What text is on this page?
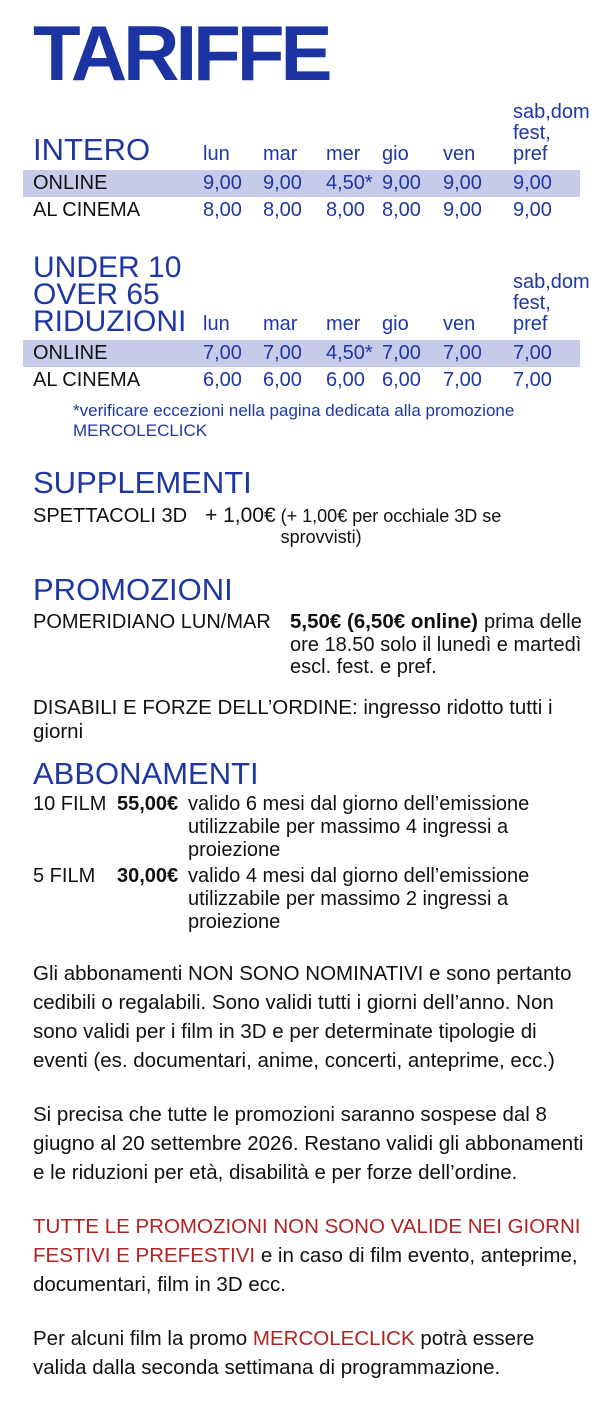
TARIFFE
INTERO	lun	mar	mer	gio	ven
sab,dom
fest, pref
ONLINE	9,00	9,00	4,50* 9,00	9,00	9,00
AL CINEMA	8,00	8,00	8,00 8,00	9,00	9,00
UNDER 10
OVER 65
RIDUZIONI lun	mar	mer	gio	ven
sab,dom
fest, pref
ONLINE	7,00	7,00	4,50* 7,00	7,00	7,00
AL CINEMA	6,00	6,00	6,00 6,00	7,00	7,00
*verificare eccezioni nella pagina dedicata alla promozione MERCOLECLICK
SUPPLEMENTI
SPETTACOLI 3D + 1,00€ (+ 1,00€ per occhiale 3D se sprovvisti)
PROMOZIONI
POMERIDIANO LUN/MAR 5,50€ (6,50€ online) prima delle ore 18.50 solo il lunedì e martedì escl. fest. e pref.
DISABILI E FORZE DELL’ORDINE: ingresso ridotto tutti i giorni
ABBONAMENTI
10 FILM 55,00€ valido 6 mesi dal giorno dell’emissione
utilizzabile per massimo 4 ingressi a proiezione
5 FILM	30,00€ valido 4 mesi dal giorno dell’emissione
utilizzabile per massimo 2 ingressi a proiezione

Gli abbonamenti NON SONO NOMINATIVI e sono pertanto cedibili o regalabili. Sono validi tutti i giorni dell’anno. Non sono validi per i film in 3D e per determinate tipologie di eventi (es. documentari, anime, concerti, anteprime, ecc.)

Si precisa che tutte le promozioni saranno sospese dal 8 giugno al 20 settembre 2026. Restano validi gli abbonamenti e le riduzioni per età, disabilità e per forze dell’ordine.

TUTTE LE PROMOZIONI NON SONO VALIDE NEI GIORNI FESTIVI E PREFESTIVI e in caso di film evento, anteprime, documentari, film in 3D ecc.

Per alcuni film la promo MERCOLECLICK potrà essere valida dalla seconda settimana di programmazione.
